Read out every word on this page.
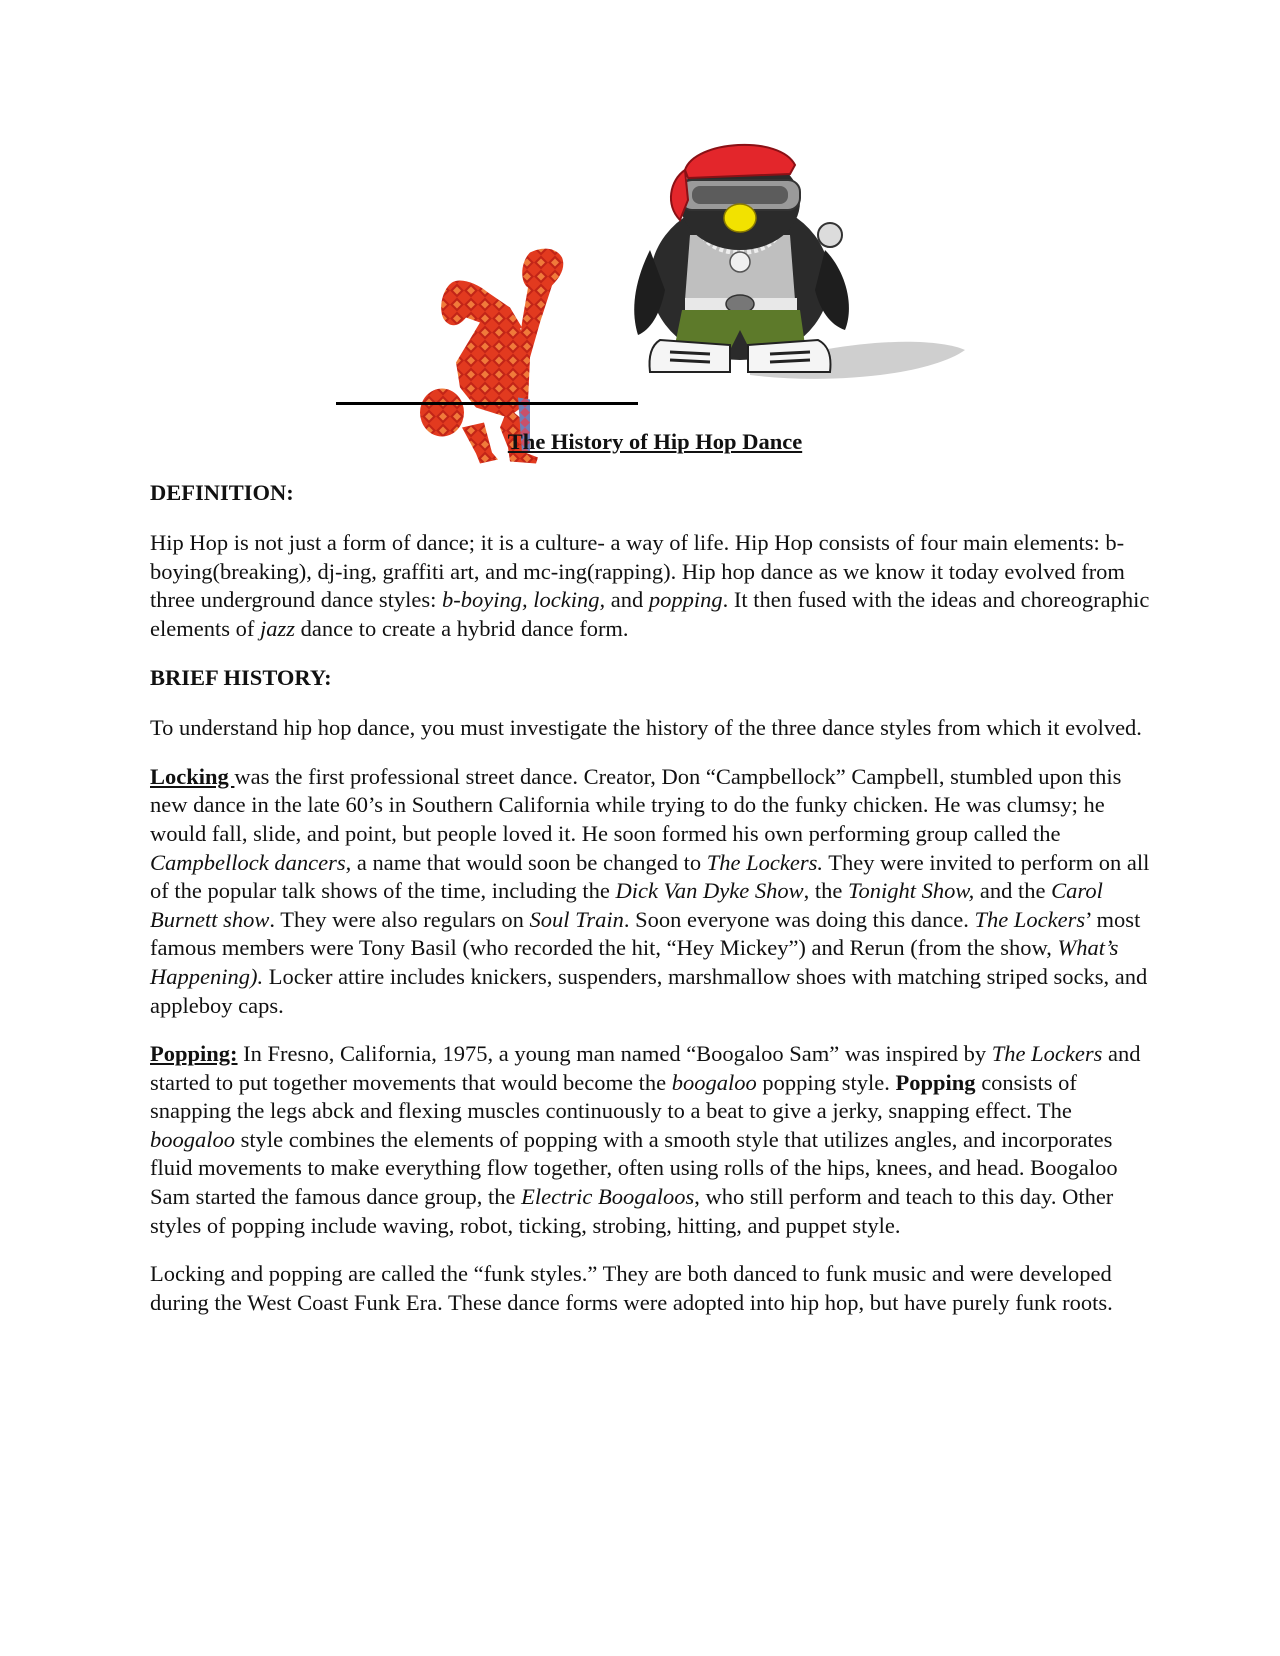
The History of Hip Hop Dance
DEFINITION:

Hip Hop is not just a form of dance; it is a culture- a way of life. Hip Hop consists of four main elements: b-boying(breaking), dj-ing, graffiti art, and mc-ing(rapping). Hip hop dance as we know it today evolved from three underground dance styles: b-boying, locking, and popping. It then fused with the ideas and choreographic elements of jazz dance to create a hybrid dance form.

BRIEF HISTORY:

To understand hip hop dance, you must investigate the history of the three dance styles from which it evolved.

Locking was the first professional street dance. Creator, Don “Campbellock” Campbell, stumbled upon this new dance in the late 60’s in Southern California while trying to do the funky chicken. He was clumsy; he would fall, slide, and point, but people loved it. He soon formed his own performing group called the Campbellock dancers, a name that would soon be changed to The Lockers. They were invited to perform on all of the popular talk shows of the time, including the Dick Van Dyke Show, the Tonight Show, and the Carol Burnett show. They were also regulars on Soul Train. Soon everyone was doing this dance. The Lockers’ most famous members were Tony Basil (who recorded the hit, “Hey Mickey”) and Rerun (from the show, What’s Happening). Locker attire includes knickers, suspenders, marshmallow shoes with matching striped socks, and appleboy caps.

Popping: In Fresno, California, 1975, a young man named “Boogaloo Sam” was inspired by The Lockers and started to put together movements that would become the boogaloo popping style. Popping consists of snapping the legs abck and flexing muscles continuously to a beat to give a jerky, snapping effect. The boogaloo style combines the elements of popping with a smooth style that utilizes angles, and incorporates fluid movements to make everything flow together, often using rolls of the hips, knees, and head. Boogaloo Sam started the famous dance group, the Electric Boogaloos, who still perform and teach to this day. Other styles of popping include waving, robot, ticking, strobing, hitting, and puppet style.

Locking and popping are called the “funk styles.” They are both danced to funk music and were developed during the West Coast Funk Era. These dance forms were adopted into hip hop, but have purely funk roots.
